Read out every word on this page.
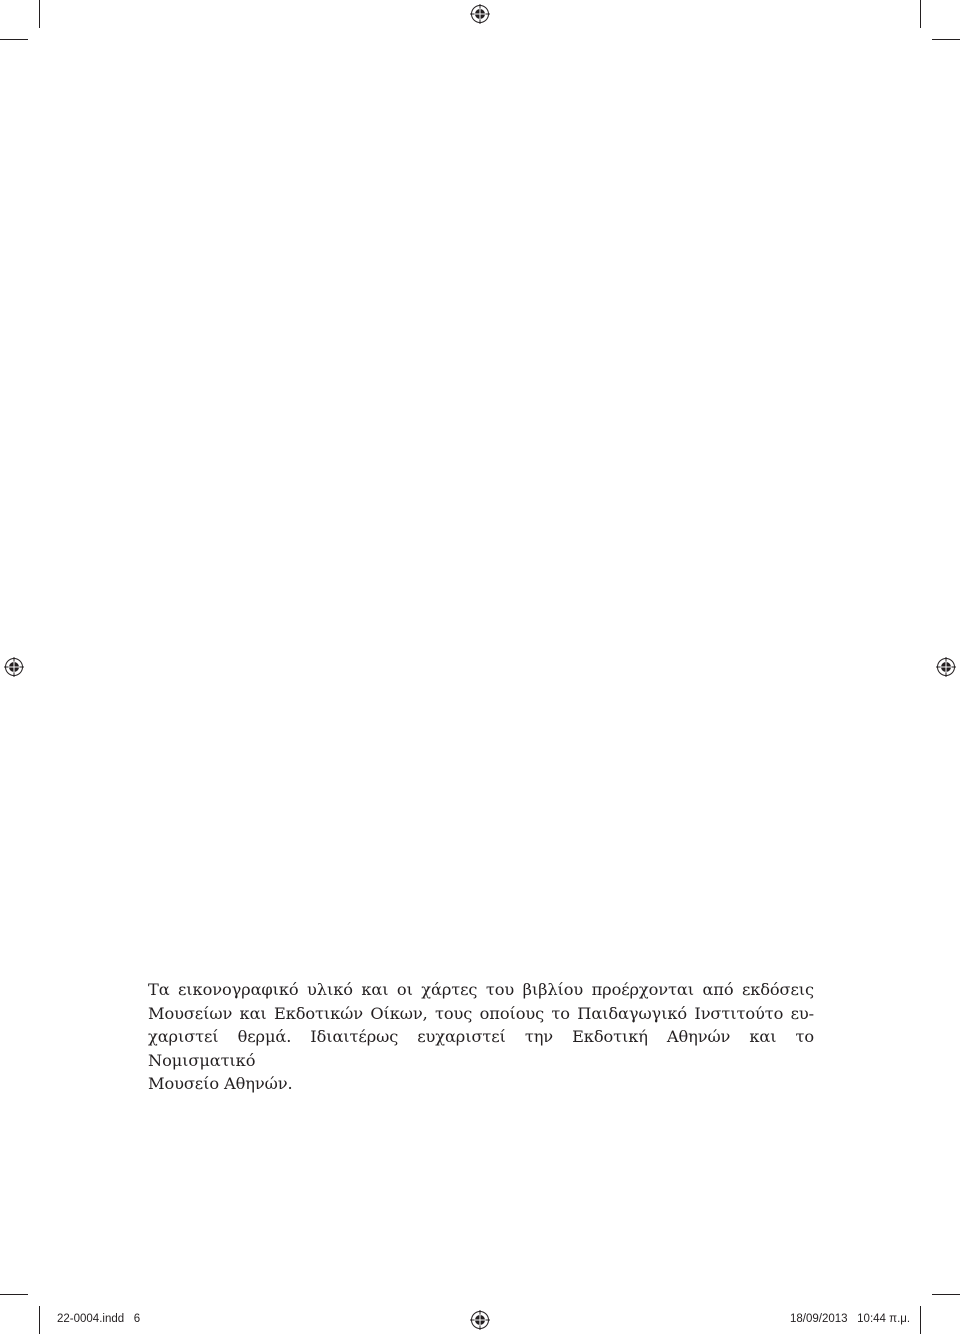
Τα εικονογραφικό υλικό και οι χάρτες του βιβλίου προέρχονται από εκδόσεις
Μουσείων και Εκδοτικών Οίκων, τους οποίους το Παιδαγωγικό Ινστιτούτο ευ-
χαριστεί θερμά. Ιδιαιτέρως ευχαριστεί την Εκδοτική Αθηνών και το Νομισματικό
Μουσείο Αθηνών.

22-0004.indd 6	18/09/2013 10:44 π.μ.
